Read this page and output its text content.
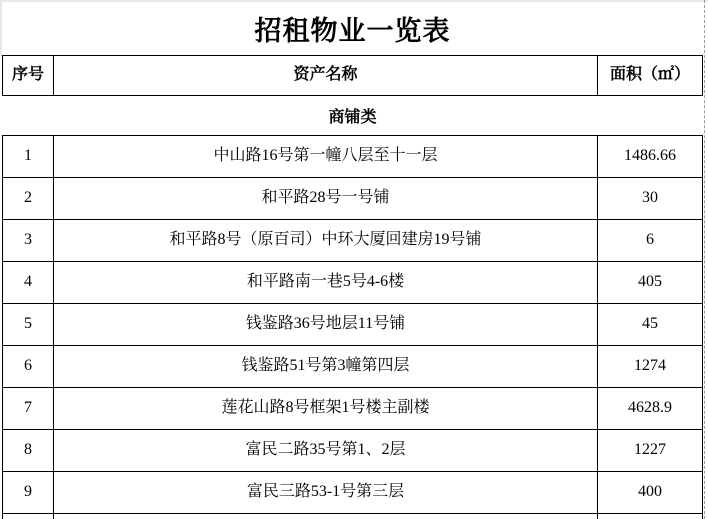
招租物业一览表
序号	资产名称	面积（㎡）
商铺类
1	中山路16号第一幢八层至十一层	1486.66
2	和平路28号一号铺	30
3	和平路8号（原百司）中环大厦回建房19号铺	6
4	和平路南一巷5号4-6楼	405
5	钱鉴路36号地层11号铺	45
6	钱鉴路51号第3幢第四层	1274
7	莲花山路8号框架1号楼主副楼	4628.9
8	富民二路35号第1、2层	1227
9	富民三路53-1号第三层	400
